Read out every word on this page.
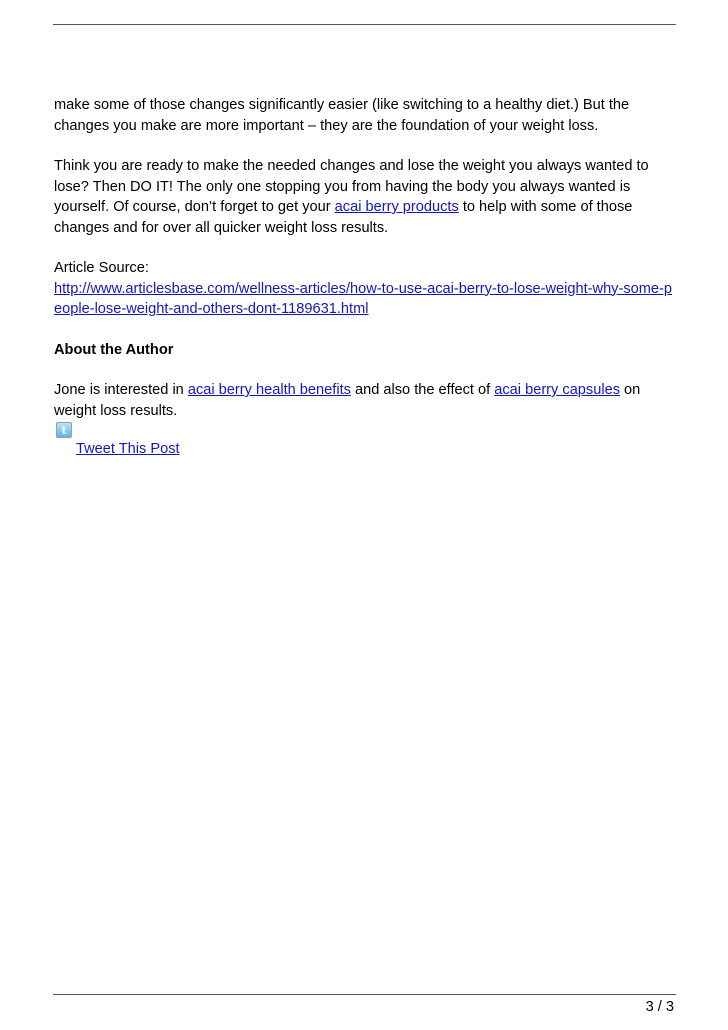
make some of those changes significantly easier (like switching to a healthy diet.) But the changes you make are more important – they are the foundation of your weight loss.

Think you are ready to make the needed changes and lose the weight you always wanted to lose? Then DO IT! The only one stopping you from having the body you always wanted is yourself. Of course, don’t forget to get your acai berry products to help with some of those changes and for over all quicker weight loss results.

Article Source:
http://www.articlesbase.com/wellness-articles/how-to-use-acai-berry-to-lose-weight-why-some-people-lose-weight-and-others-dont-1189631.html

About the Author

Jone is interested in acai berry health benefits and also the effect of acai berry capsules on weight loss results.

t
Tweet This Post
3 / 3
